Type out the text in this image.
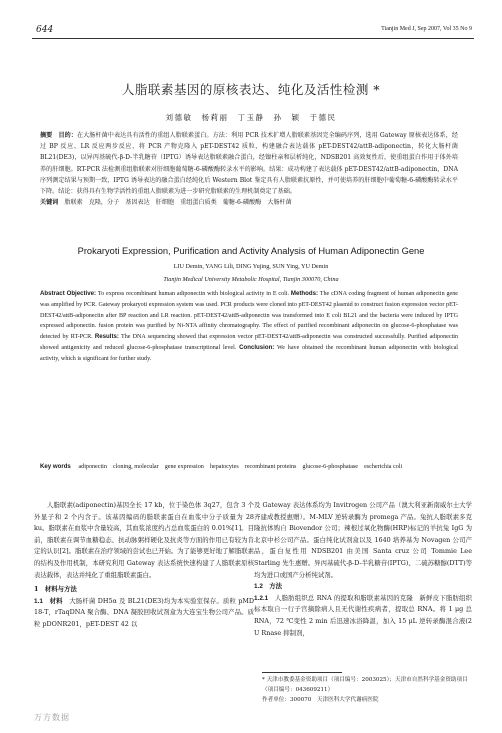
644	Tianjin Med J, Sep 2007, Vol 35 No 9
人脂联素基因的原核表达、纯化及活性检测 *
刘德敏　杨莉丽　丁玉静　孙　颖　于德民

摘要　目的：在大肠杆菌中表达具有活性的重组人脂联素蛋白。方法：利用 PCR 技术扩增人脂联素基因完全编码序列，选用 Gateway 原核表达体系，经过 BP 反应、LR 反应两步反应，将 PCR 产物克隆入 pET-DEST42 质粒，构建融合表达载体 pET-DEST42/attB-adiponectin，转化大肠杆菌 BL21(DE3)，以异丙基硫代-β-D-半乳糖苷（IPTG）诱导表达脂联素融合蛋白，经镍柱亲和层析纯化，NDSB201 高效复性后，使重组蛋白作用于体外培养的肝细胞。RT-PCR 法检测重组脂联素对肝细胞葡萄糖-6-磷酸酶转录水平的影响。结果：成功构建了表达载体 pET-DEST42/attB-adiponectin，DNA 序列测定结果与预期一致，IPTG 诱导表达的融合蛋白经纯化后 Western Blot 鉴定具有人脂联素抗原性，并可使培养的肝细胞中葡萄糖-6-磷酸酶转录水平下降。结论：获得具有生物学活性的重组人脂联素为进一步研究脂联素的生理机制奠定了基础。

关键词　 脂联素　克隆，分子　基因表达　肝细胞　重组蛋白质类　葡糖-6-磷酸酶　大肠杆菌

Prokaryoti Expression, Purification and Activity Analysis of Human Adiponectin Gene
LIU Demin, YANG Lili, DING Yujing, SUN Ying, YU Demin
Tianjin Medical University Metabolic Hospital, Tianjin 300070, China
Abstract Objective: To express recombinant human adiponectin with biological activity in E coli. Methods: The cDNA coding fragment of human adiponectin gene was amplified by PCR. Gateway prokaryoti expression system was used. PCR products were cloned into pET-DEST42 plasmid to construct fusion expression vector pET-DEST42/attB-adiponectin after BP reaction and LR reaction. pET-DEST42/attB-adiponectin was transformed into E coli BL21 and the bacteria were induced by IPTG expressed adiponectin. fusion protein was purified by Ni-NTA affinity chromatography. The effect of purified recombinant adiponectin on glucose-6-phosphatase was detected by RT-PCR. Results: The DNA sequencing showed that expression vector pET-DEST42/attB-adiponectin was constructed successfully. Purified adiponectin showed antigenicity and reduced glucose-6-phosphatase transcriptional level. Conclusion: We have obtained the recombinant human adiponectin with biological activity, which is significant for further study.
Key words　 adiponectin　cloning, molecular　gene expression　hepatocytes　recombinant proteins　glucose-6-phosphatase　escherichia coli

人脂联素(adiponectin)基因全长 17 kb，位于染色体 3q27，包含 3 个外显子和 2 个内含子。该基因编码的脂联素蛋白在血浆中分子质量为 28 ku。脂联素在血浆中含量较高，其血浆浓度约占总血浆蛋白的 0.01%[1]。目前，脂联素在调节血糖稳态、抗动脉粥样硬化及抗炎等方面的作用已有较为肯定的认识[2]。脂联素在治疗领域的尝试也已开始。为了能够更好地了解脂联素的结构及作用机制，本研究利用 Gateway 表达系统快速构建了人脂联素原核表达载体，表达并纯化了重组脂联素蛋白。

1　材料与方法

1.1　材料　 大肠杆菌 DH5α 及 BL21(DE3)均为本实验室保存。质粒 pMD 18-T，rTaqDNA 聚合酶、DNA 凝胶回收试剂盒为大连宝生物公司产品。质粒 pDONR201，pET-DEST 42 以

及 Gateway 表达体系均为 Invitrogen 公司产品（澳大利亚新南威尔士大学齐建成教授惠赠）。M-MLV 逆转录酶为 promega 产品。兔抗人脂联素多克隆抗体购自 Biovendor 公司；辣根过氧化物酶(HRP)标记的羊抗兔 IgG 为北京中杉公司产品。蛋白纯化试剂盒以及 1640 培养基为 Novagen 公司产品，蛋白复性用 NDSB201 由美国 Santa cruz 公司 Tommie Lee Starling 先生惠赠。异丙基硫代-β-D-半乳糖苷(IPTG)、二硫苏糖醇(DTT)等均为进口或国产分析纯试剂。

1.2　方法

1.2.1　 人脂肪组织总 RNA 的提取和脂联素基因的克隆　新鲜皮下脂肪组织标本取自一行子宫摘除病人且无代谢性疾病者，提取总 RNA。将 1 μg 总 RNA，72 ℃变性 2 min 后迅速冰浴降温，加入 15 μL 逆转录酶混合液(2 U Rnase 抑制剂，

* 天津市教委基金资助项目（项目编号：2003025）；天津市自然科学基金资助项目（项目编号：043609211）

作者单位：300070　天津医科大学代谢病医院

万方数据
